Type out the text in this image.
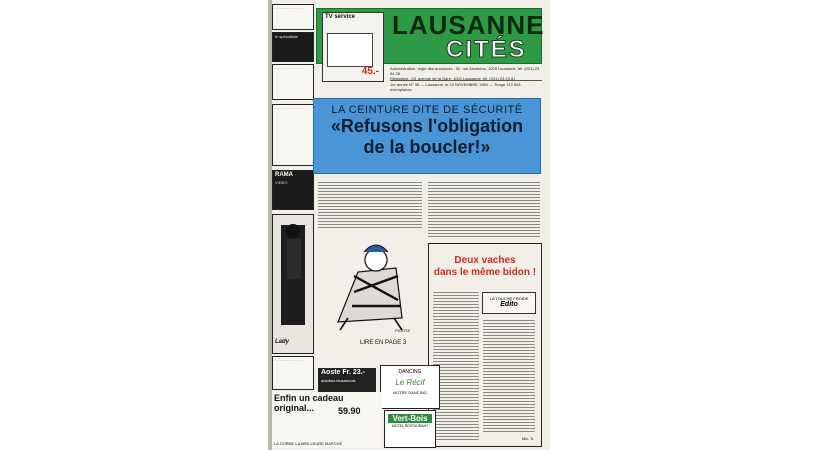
· · · · · · · · · · · ·
le spécialiste
· · · · · · · · · · · ·
· · · · · · · · · · · ·
RAMA
VIDEO
Lady
· · · · · · · · · · · ·
TV service
45.-
LAUSANNE
CITÉS
Administration, régie des annonces : 52, rue Ancienne, 1005 Lausanne, tél. (021) 23 54 28
Rédaction : 23, avenue de la Gare, 1001 Lausanne, tél. (021) 23 23 81
1re année N° 35 — Lausanne, le 20 NOVEMBRE 1980 — Tirage 113 543 exemplaires
LA CEINTURE DITE DE SÉCURITÉ
«Refusons l'obligation
de la boucler!»
PIGOTE
LIRE EN PAGE 3
Deux vaches
dans le même bidon !
LA TOUCHE FROIDE
Edito
Mic. S.
Aoste Fr. 23.-
autobus lausannois
DANCING
Le Récif
NOTRE DANCING
Vert-Bois
MOTEL RESTAURANT
Enfin un cadeau original...	59.90
LA CORNE LA MEILLEURE MARCHÉ
